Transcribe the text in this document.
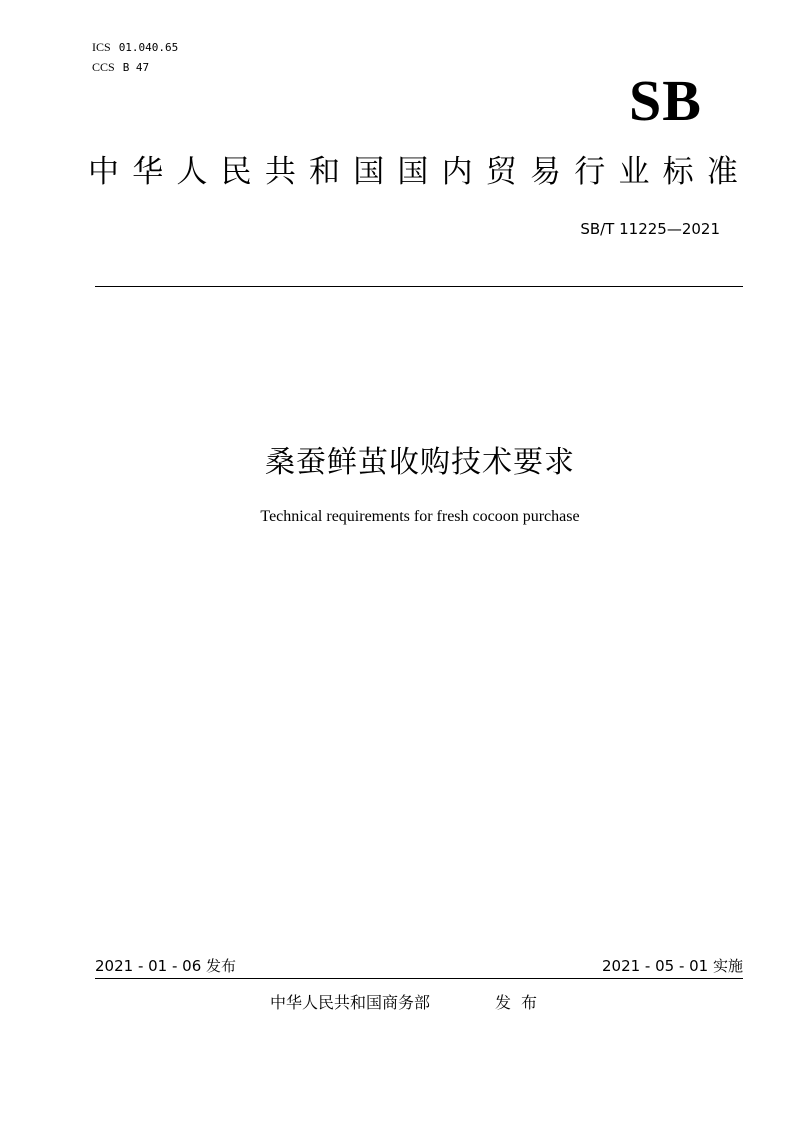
ICS 01.040.65
CCS B 47
SB
中 华 人 民 共 和 国 国 内 贸 易 行 业 标 准
SB/T 11225—2021
桑蚕鲜茧收购技术要求
Technical requirements for fresh cocoon purchase
2021 - 01 - 06 发布	2021 - 05 - 01 实施
中华人民共和国商务部	发布
